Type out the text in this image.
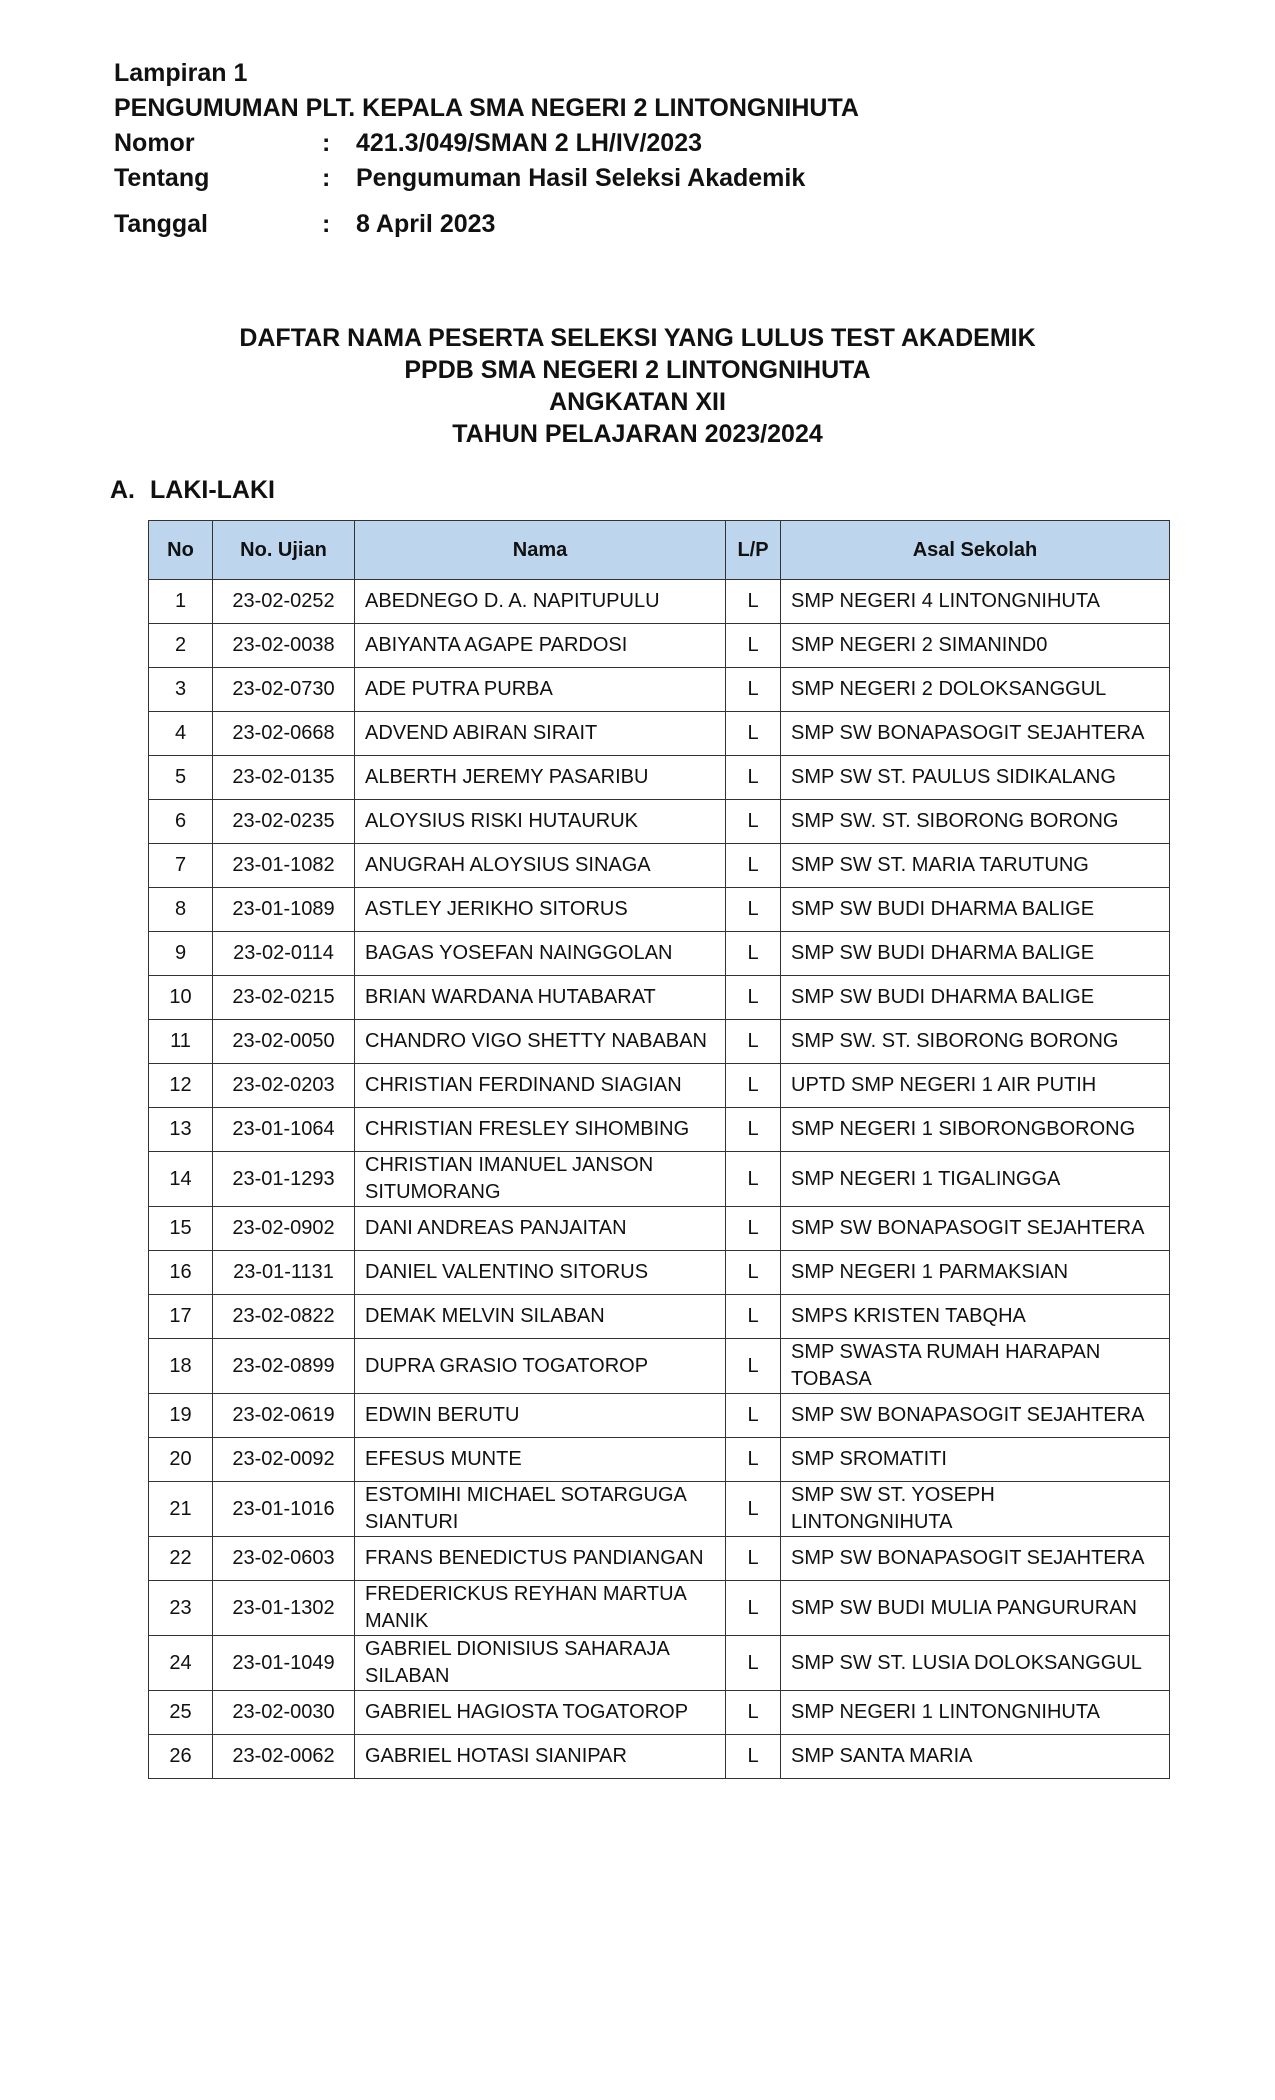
Lampiran 1
PENGUMUMAN PLT. KEPALA SMA NEGERI 2 LINTONGNIHUTA
Nomor	: 421.3/049/SMAN 2 LH/IV/2023
Tentang	: Pengumuman Hasil Seleksi Akademik
Tanggal	: 8 April 2023
DAFTAR NAMA PESERTA SELEKSI YANG LULUS TEST AKADEMIK
PPDB SMA NEGERI 2 LINTONGNIHUTA
ANGKATAN XII
TAHUN PELAJARAN 2023/2024
A. LAKI-LAKI
No	No. Ujian	Nama	L/P	Asal Sekolah
1	23-02-0252	ABEDNEGO D. A. NAPITUPULU	L	SMP NEGERI 4 LINTONGNIHUTA
2	23-02-0038	ABIYANTA AGAPE PARDOSI	L	SMP NEGERI 2 SIMANIND0
3	23-02-0730	ADE PUTRA PURBA	L	SMP NEGERI 2 DOLOKSANGGUL
4	23-02-0668	ADVEND ABIRAN SIRAIT	L	SMP SW BONAPASOGIT SEJAHTERA
5	23-02-0135	ALBERTH JEREMY PASARIBU	L	SMP SW ST. PAULUS SIDIKALANG
6	23-02-0235	ALOYSIUS RISKI HUTAURUK	L	SMP SW. ST. SIBORONG BORONG
7	23-01-1082	ANUGRAH ALOYSIUS SINAGA	L	SMP SW ST. MARIA TARUTUNG
8	23-01-1089	ASTLEY JERIKHO SITORUS	L	SMP SW BUDI DHARMA BALIGE
9	23-02-0114	BAGAS YOSEFAN NAINGGOLAN	L	SMP SW BUDI DHARMA BALIGE
10	23-02-0215	BRIAN WARDANA HUTABARAT	L	SMP SW BUDI DHARMA BALIGE
11	23-02-0050	CHANDRO VIGO SHETTY NABABAN	L	SMP SW. ST. SIBORONG BORONG
12	23-02-0203	CHRISTIAN FERDINAND SIAGIAN	L	UPTD SMP NEGERI 1 AIR PUTIH
13	23-01-1064	CHRISTIAN FRESLEY SIHOMBING	L	SMP NEGERI 1 SIBORONGBORONG
14	23-01-1293	CHRISTIAN IMANUEL JANSON SITUMORANG	L	SMP NEGERI 1 TIGALINGGA
15	23-02-0902	DANI ANDREAS PANJAITAN	L	SMP SW BONAPASOGIT SEJAHTERA
16	23-01-1131	DANIEL VALENTINO SITORUS	L	SMP NEGERI 1 PARMAKSIAN
17	23-02-0822	DEMAK MELVIN SILABAN	L	SMPS KRISTEN TABQHA
18	23-02-0899	DUPRA GRASIO TOGATOROP	L	SMP SWASTA RUMAH HARAPAN TOBASA
19	23-02-0619	EDWIN BERUTU	L	SMP SW BONAPASOGIT SEJAHTERA
20	23-02-0092	EFESUS MUNTE	L	SMP SROMATITI
21	23-01-1016	ESTOMIHI MICHAEL SOTARGUGA SIANTURI	L	SMP SW ST. YOSEPH LINTONGNIHUTA
22	23-02-0603	FRANS BENEDICTUS PANDIANGAN	L	SMP SW BONAPASOGIT SEJAHTERA
23	23-01-1302	FREDERICKUS REYHAN MARTUA MANIK	L	SMP SW BUDI MULIA PANGURURAN
24	23-01-1049	GABRIEL DIONISIUS SAHARAJA SILABAN	L	SMP SW ST. LUSIA DOLOKSANGGUL
25	23-02-0030	GABRIEL HAGIOSTA TOGATOROP	L	SMP NEGERI 1 LINTONGNIHUTA
26	23-02-0062	GABRIEL HOTASI SIANIPAR	L	SMP SANTA MARIA
